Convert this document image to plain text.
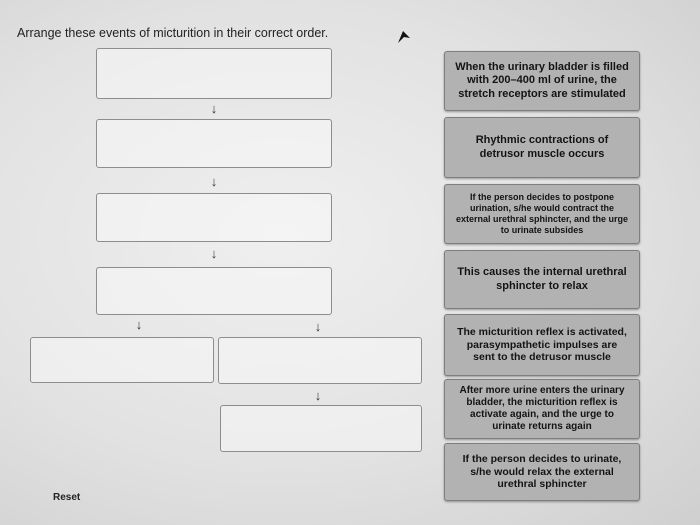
Arrange these events of micturition in their correct order.
↓
↓
↓
↓	↓
↓
When the urinary bladder is filled with 200–400 ml of urine, the stretch receptors are stimulated
Rhythmic contractions of detrusor muscle occurs
If the person decides to postpone urination, s/he would contract the external urethral sphincter, and the urge to urinate subsides
This causes the internal urethral sphincter to relax
The micturition reflex is activated, parasympathetic impulses are sent to the detrusor muscle
After more urine enters the urinary bladder, the micturition reflex is activate again, and the urge to urinate returns again
If the person decides to urinate, s/he would relax the external urethral sphincter
Reset
